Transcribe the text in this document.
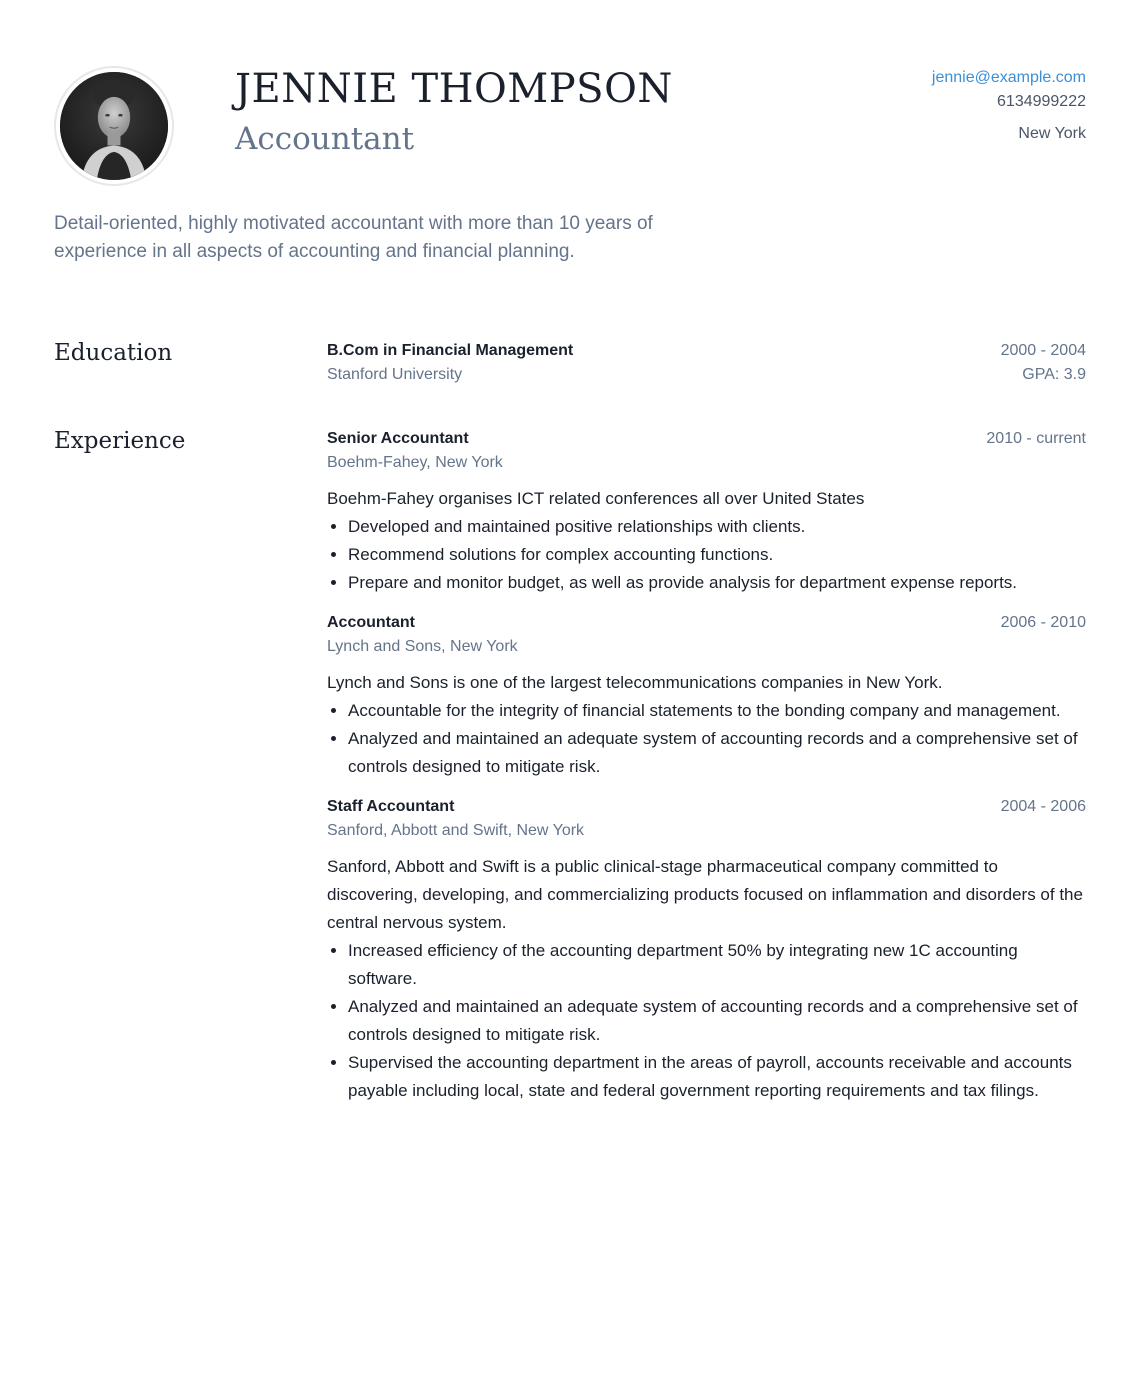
JENNIE THOMPSON
Accountant
jennie@example.com
6134999222
New York

Detail-oriented, highly motivated accountant with more than 10 years of experience in all aspects of accounting and financial planning.

Education	B.Com in Financial Management	2000 - 2004
Stanford University	GPA: 3.9
Experience	Senior Accountant	2010 - current
Boehm-Fahey, New York

Boehm-Fahey organises ICT related conferences all over United States

• Developed and maintained positive relationships with clients.
• Recommend solutions for complex accounting functions.
• Prepare and monitor budget, as well as provide analysis for department expense reports.
Accountant	2006 - 2010
Lynch and Sons, New York

Lynch and Sons is one of the largest telecommunications companies in New York.

• Accountable for the integrity of financial statements to the bonding company and management.
• Analyzed and maintained an adequate system of accounting records and a comprehensive set of controls designed to mitigate risk.
Staff Accountant	2004 - 2006
Sanford, Abbott and Swift, New York

Sanford, Abbott and Swift is a public clinical-stage pharmaceutical company committed to discovering, developing, and commercializing products focused on inflammation and disorders of the central nervous system.

• Increased efficiency of the accounting department 50% by integrating new 1C accounting software.
• Analyzed and maintained an adequate system of accounting records and a comprehensive set of controls designed to mitigate risk.
• Supervised the accounting department in the areas of payroll, accounts receivable and accounts payable including local, state and federal government reporting requirements and tax filings.
